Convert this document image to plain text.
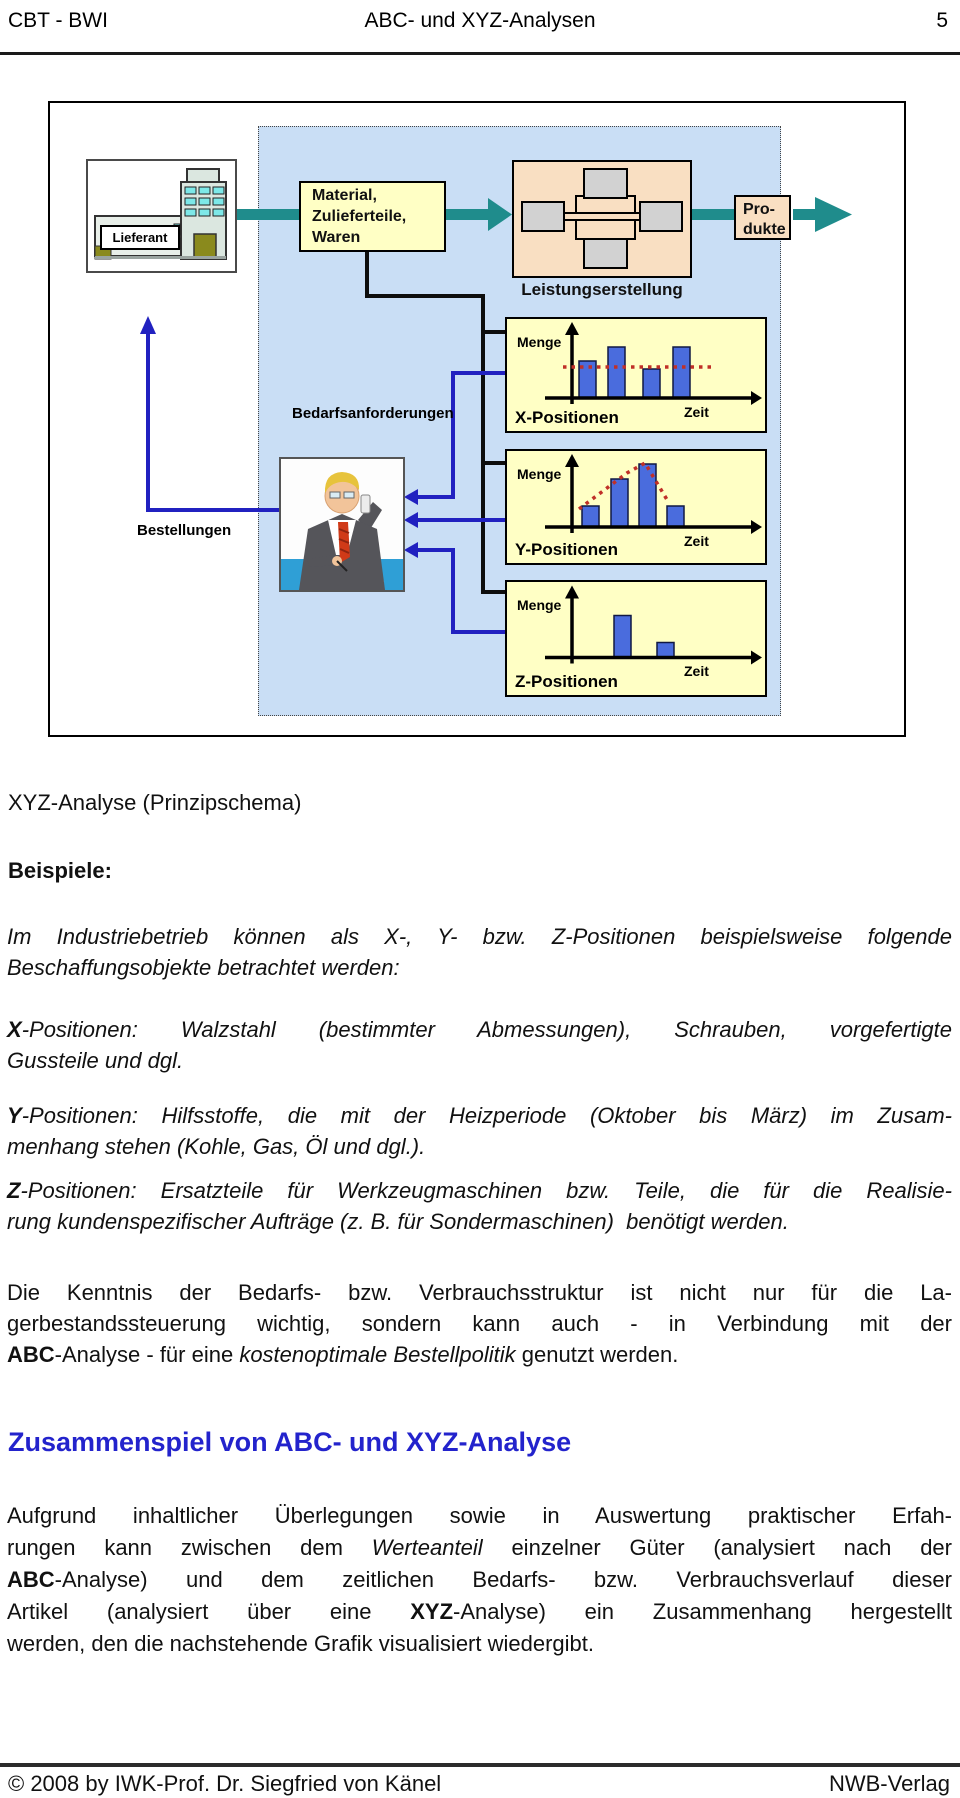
CBT - BWI	ABC- und XYZ-Analysen	5
Lieferant
Material,
Zulieferteile,
Waren
Leistungserstellung
Pro-
dukte
Bedarfsanforderungen
Bestellungen
Menge
Zeit
X-Positionen
Menge
Zeit
Y-Positionen
Menge
Zeit
Z-Positionen
XYZ-Analyse (Prinzipschema)
Beispiele:
Im Industriebetrieb können als X-, Y- bzw. Z-Positionen beispielsweise folgende
Beschaffungsobjekte betrachtet werden:
X-Positionen: Walzstahl (bestimmter Abmessungen), Schrauben, vorgefertigte
Gussteile und dgl.
Y-Positionen: Hilfsstoffe, die mit der Heizperiode (Oktober bis März) im Zusam-
menhang stehen (Kohle, Gas, Öl und dgl.).
Z-Positionen: Ersatzteile für Werkzeugmaschinen bzw. Teile, die für die Realisie-
rung kundenspezifischer Aufträge (z. B. für Sondermaschinen)  benötigt werden.
Die Kenntnis der Bedarfs- bzw. Verbrauchsstruktur ist nicht nur für die La-
gerbestandssteuerung wichtig, sondern kann auch - in Verbindung mit der
ABC-Analyse - für eine kostenoptimale Bestellpolitik genutzt werden.
Zusammenspiel von ABC- und XYZ-Analyse
Aufgrund inhaltlicher Überlegungen sowie in Auswertung praktischer Erfah-
rungen kann zwischen dem Werteanteil einzelner Güter (analysiert nach der
ABC-Analyse) und dem zeitlichen Bedarfs- bzw. Verbrauchsverlauf dieser
Artikel (analysiert über eine XYZ-Analyse) ein Zusammenhang hergestellt
werden, den die nachstehende Grafik visualisiert wiedergibt.
© 2008 by IWK-Prof. Dr. Siegfried von Känel	NWB-Verlag
